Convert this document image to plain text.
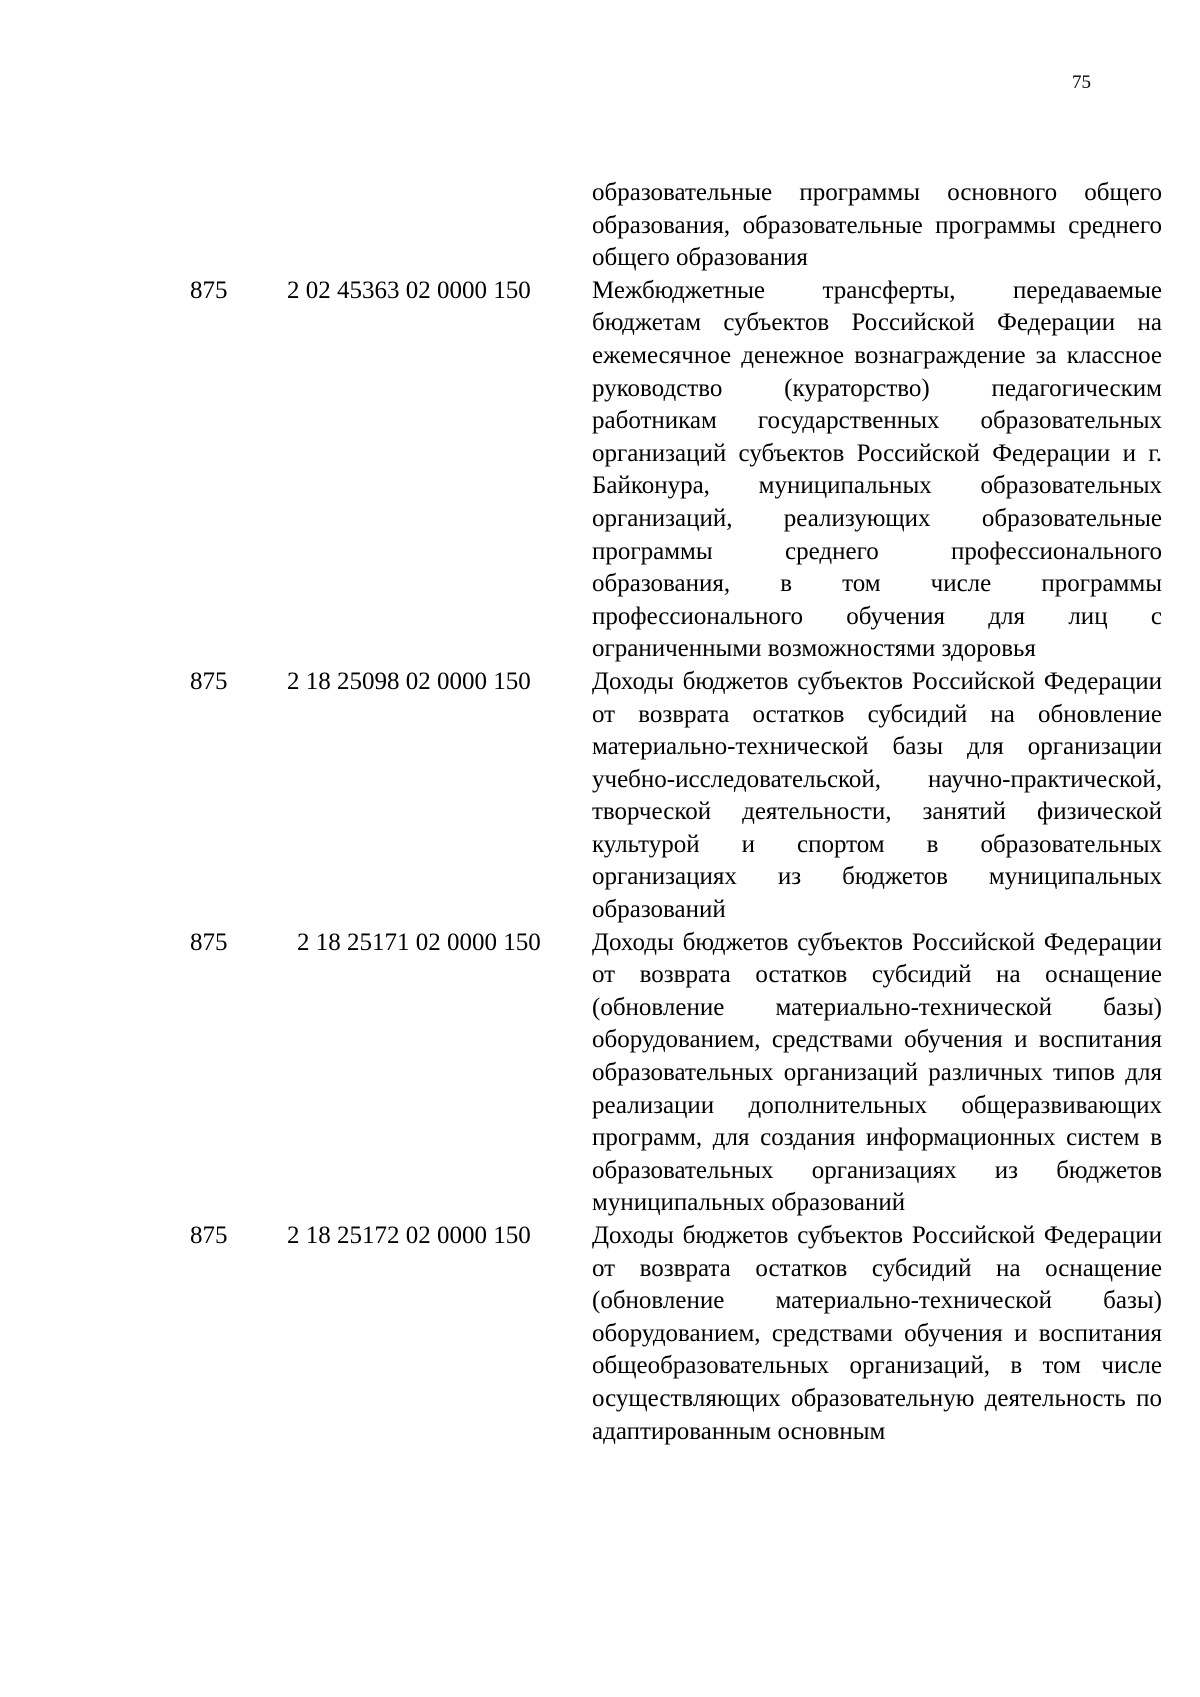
75
образовательные программы основного общего образования, образовательные программы среднего общего образования
875 2 02 45363 02 0000 150 Межбюджетные трансферты, передаваемые бюджетам субъектов Российской Федерации на ежемесячное денежное вознаграждение за классное руководство (кураторство) педагогическим работникам государственных образовательных организаций субъектов Российской Федерации и г. Байконура, муниципальных образовательных организаций, реализующих образовательные программы среднего профессионального образования, в том числе программы профессионального обучения для лиц с ограниченными возможностями здоровья
875 2 18 25098 02 0000 150 Доходы бюджетов субъектов Российской Федерации от возврата остатков субсидий на обновление материально-технической базы для организации учебно-исследовательской, научно-практической, творческой деятельности, занятий физической культурой и спортом в образовательных организациях из бюджетов муниципальных образований
875	2 18 25171 02 0000 150 Доходы бюджетов субъектов Российской Федерации от возврата остатков субсидий на оснащение (обновление материально-технической базы) оборудованием, средствами обучения и воспитания образовательных организаций различных типов для реализации дополнительных общеразвивающих программ, для создания информационных систем в образовательных организациях из бюджетов муниципальных образований
875 2 18 25172 02 0000 150 Доходы бюджетов субъектов Российской Федерации от возврата остатков субсидий на оснащение (обновление материально-технической базы) оборудованием, средствами обучения и воспитания общеобразовательных организаций, в том числе осуществляющих образовательную деятельность по адаптированным основным
